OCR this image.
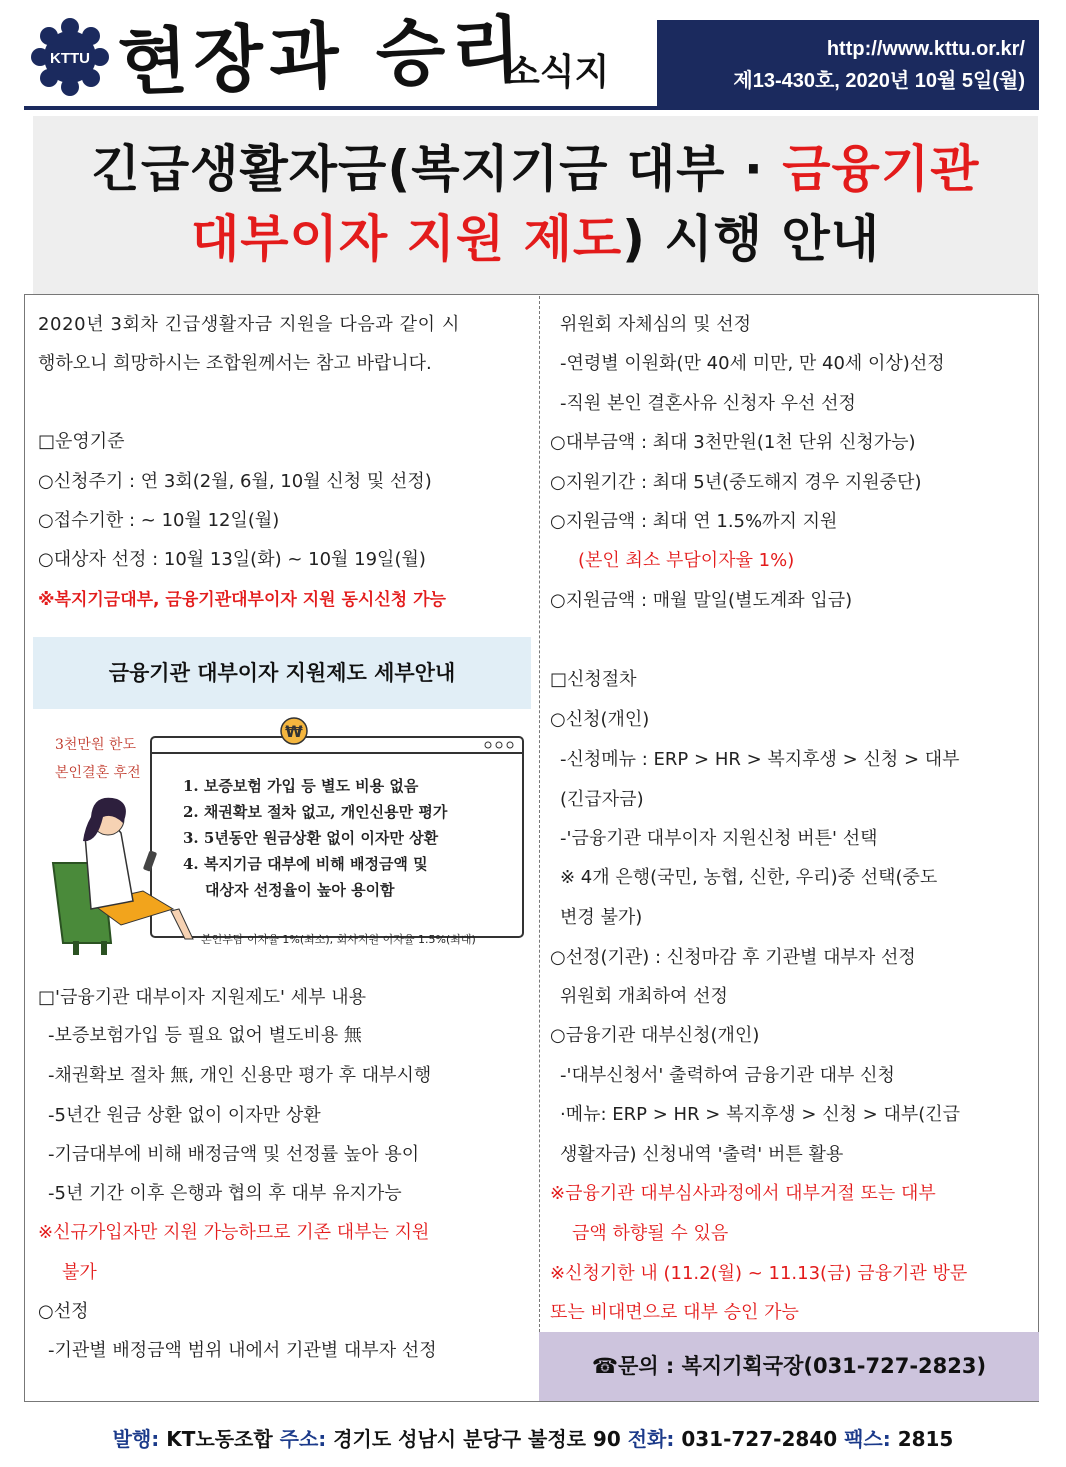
KTTU 현장과 승리
소식지
http://www.kttu.or.kr/
제13-430호, 2020년 10월 5일(월)
긴급생활자금(복지기금 대부 · 금융기관
대부이자 지원 제도) 시행 안내
2020년 3회차 긴급생활자금 지원을 다음과 같이 시
행하오니 희망하시는 조합원께서는 참고 바랍니다.
□운영기준
○신청주기 : 연 3회(2월, 6월, 10월 신청 및 선정)
○접수기한 : ~ 10월 12일(월)
○대상자 선정 : 10월 13일(화) ~ 10월 19일(월)
※복지기금대부, 금융기관대부이자 지원 동시신청 가능
금융기관 대부이자 지원제도 세부안내
3천만원 한도
본인결혼 후전
₩
1. 보증보험 가입 등 별도 비용 없음
2. 채권확보 절차 없고, 개인신용만 평가
3. 5년동안 원금상환 없이 이자만 상환
4. 복지기금 대부에 비해 배정금액 및
대상자 선정율이 높아 용이함
본인부담 이자율 1%(최소), 회사지원 이자율 1.5%(최대)
□'금융기관 대부이자 지원제도' 세부 내용
-보증보험가입 등 필요 없어 별도비용 無
-채권확보 절차 無, 개인 신용만 평가 후 대부시행
-5년간 원금 상환 없이 이자만 상환
-기금대부에 비해 배정금액 및 선정률 높아 용이
-5년 기간 이후 은행과 협의 후 대부 유지가능
※신규가입자만 지원 가능하므로 기존 대부는 지원
불가
○선정
-기관별 배정금액 범위 내에서 기관별 대부자 선정
위원회 자체심의 및 선정
-연령별 이원화(만 40세 미만, 만 40세 이상)선정
-직원 본인 결혼사유 신청자 우선 선정
○대부금액 : 최대 3천만원(1천 단위 신청가능)
○지원기간 : 최대 5년(중도해지 경우 지원중단)
○지원금액 : 최대 연 1.5%까지 지원
(본인 최소 부담이자율 1%)
○지원금액 : 매월 말일(별도계좌 입금)
□신청절차
○신청(개인)
-신청메뉴 : ERP > HR > 복지후생 > 신청 > 대부
(긴급자금)
-'금융기관 대부이자 지원신청 버튼' 선택
※ 4개 은행(국민, 농협, 신한, 우리)중 선택(중도
변경 불가)
○선정(기관) : 신청마감 후 기관별 대부자 선정
위원회 개최하여 선정
○금융기관 대부신청(개인)
-'대부신청서' 출력하여 금융기관 대부 신청
·메뉴: ERP > HR > 복지후생 > 신청 > 대부(긴급
생활자금) 신청내역 '출력' 버튼 활용
※금융기관 대부심사과정에서 대부거절 또는 대부
금액 하향될 수 있음
※신청기한 내 (11.2(월) ~ 11.13(금) 금융기관 방문
또는 비대면으로 대부 승인 가능
☎문의 : 복지기획국장(031-727-2823)
발행: KT노동조합 주소: 경기도 성남시 분당구 불정로 90 전화: 031-727-2840 팩스: 2815
